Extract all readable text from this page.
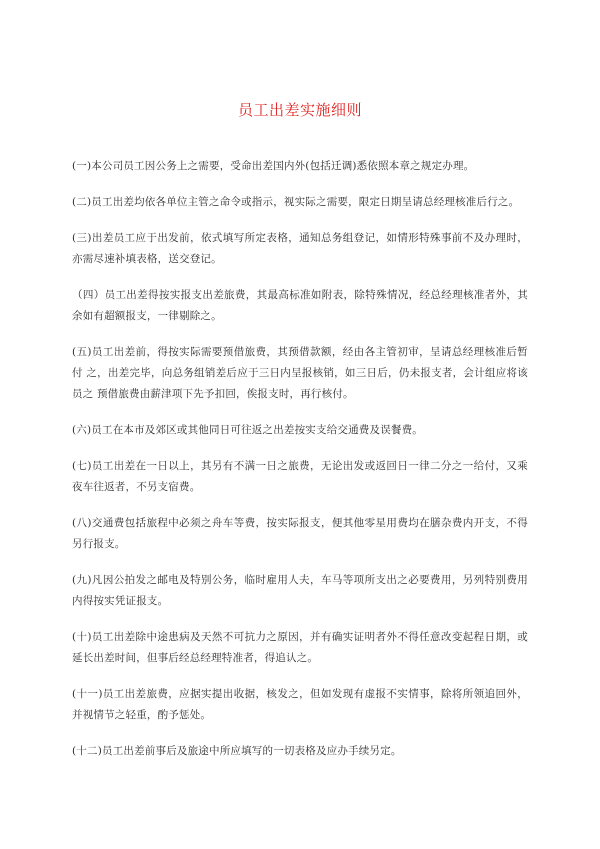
员工出差实施细则

(一)本公司员工因公务上之需要，受命出差国内外(包括迁调)悉依照本章之规定办理。

(二)员工出差均依各单位主管之命令或指示，视实际之需要，限定日期呈请总经理核准后行之。

(三)出差员工应于出发前，依式填写所定表格，通知总务组登记，如情形特殊事前不及办理时，亦需尽速补填表格，送交登记。

（四）员工出差得按实报支出差旅费，其最高标准如附表，除特殊情况，经总经理核准者外，其余如有超额报支，一律剔除之。

(五)员工出差前，得按实际需要预借旅费，其预借款额，经由各主管初审，呈请总经理核准后暂付 之，出差完毕，向总务组销差后应于三日内呈报核销，如三日后，仍未报支者，会计组应将该员之 预借旅费由薪津项下先予扣回，俟报支时，再行核付。

(六)员工在本市及郊区或其他同日可往返之出差按实支给交通费及误餐费。

(七)员工出差在一日以上，其另有不满一日之旅费，无论出发或返回日一律二分之一给付，又乘夜车往返者，不另支宿费。

(八)交通费包括旅程中必须之舟车等费，按实际报支，便其他零星用费均在膳杂费内开支，不得另行报支。

(九)凡因公拍发之邮电及特别公务，临时雇用人夫，车马等项所支出之必要费用，另列特别费用内得按实凭证报支。

(十)员工出差除中途患病及天然不可抗力之原因，并有确实证明者外不得任意改变起程日期，或延长出差时间，但事后经总经理特准者，得追认之。

(十一)员工出差旅费，应据实提出收据，核发之，但如发现有虚报不实情事，除将所领追回外，并视情节之轻重，酌予惩处。

(十二)员工出差前事后及旅途中所应填写的一切表格及应办手续另定。
